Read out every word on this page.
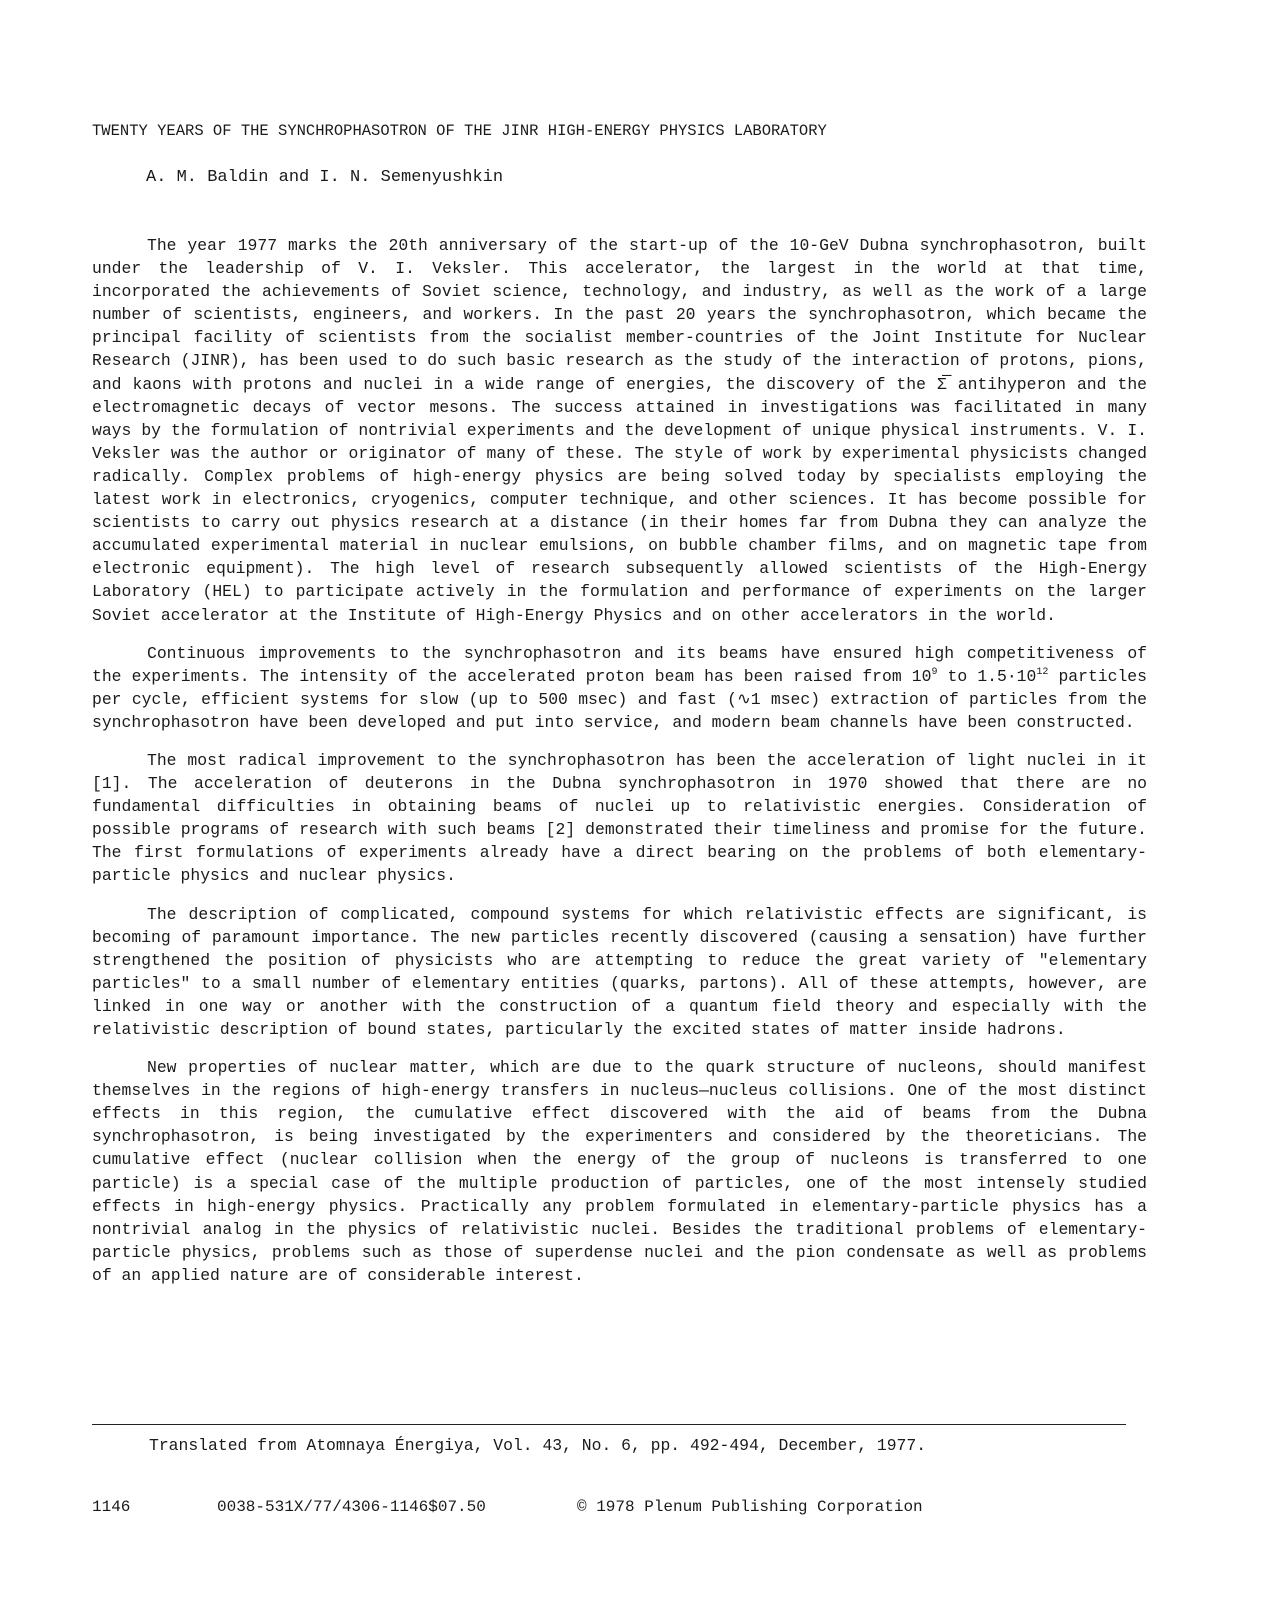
TWENTY YEARS OF THE SYNCHROPHASOTRON OF THE JINR HIGH-ENERGY PHYSICS LABORATORY
A. M. Baldin and I. N. Semenyushkin

The year 1977 marks the 20th anniversary of the start-up of the 10-GeV Dubna synchrophasotron, built under the leadership of V. I. Veksler. This accelerator, the largest in the world at that time, incorporated the achievements of Soviet science, technology, and industry, as well as the work of a large number of scientists, engineers, and workers. In the past 20 years the synchrophasotron, which became the principal facility of scientists from the socialist member-countries of the Joint Institute for Nuclear Research (JINR), has been used to do such basic research as the study of the interaction of protons, pions, and kaons with protons and nuclei in a wide range of energies, the discovery of the Σ̅ antihyperon and the electromagnetic decays of vector mesons. The success attained in investigations was facilitated in many ways by the formulation of nontrivial experiments and the development of unique physical instruments. V. I. Veksler was the author or originator of many of these. The style of work by experimental physicists changed radically. Complex problems of high-energy physics are being solved today by specialists employing the latest work in electronics, cryogenics, computer technique, and other sciences. It has become possible for scientists to carry out physics research at a distance (in their homes far from Dubna they can analyze the accumulated experimental material in nuclear emulsions, on bubble chamber films, and on magnetic tape from electronic equipment). The high level of research subsequently allowed scientists of the High-Energy Laboratory (HEL) to participate actively in the formulation and performance of experiments on the larger Soviet accelerator at the Institute of High-Energy Physics and on other accelerators in the world.

Continuous improvements to the synchrophasotron and its beams have ensured high competitiveness of the experiments. The intensity of the accelerated proton beam has been raised from $10^9$ to $1.5\cdot 10^{12}$ particles per cycle, efficient systems for slow (up to 500 msec) and fast (∿1 msec) extraction of particles from the synchrophasotron have been developed and put into service, and modern beam channels have been constructed.

The most radical improvement to the synchrophasotron has been the acceleration of light nuclei in it [1]. The acceleration of deuterons in the Dubna synchrophasotron in 1970 showed that there are no fundamental difficulties in obtaining beams of nuclei up to relativistic energies. Consideration of possible programs of research with such beams [2] demonstrated their timeliness and promise for the future. The first formulations of experiments already have a direct bearing on the problems of both elementary-particle physics and nuclear physics.

The description of complicated, compound systems for which relativistic effects are significant, is becoming of paramount importance. The new particles recently discovered (causing a sensation) have further strengthened the position of physicists who are attempting to reduce the great variety of "elementary particles" to a small number of elementary entities (quarks, partons). All of these attempts, however, are linked in one way or another with the construction of a quantum field theory and especially with the relativistic description of bound states, particularly the excited states of matter inside hadrons.

New properties of nuclear matter, which are due to the quark structure of nucleons, should manifest themselves in the regions of high-energy transfers in nucleus—nucleus collisions. One of the most distinct effects in this region, the cumulative effect discovered with the aid of beams from the Dubna synchrophasotron, is being investigated by the experimenters and considered by the theoreticians. The cumulative effect (nuclear collision when the energy of the group of nucleons is transferred to one particle) is a special case of the multiple production of particles, one of the most intensely studied effects in high-energy physics. Practically any problem formulated in elementary-particle physics has a nontrivial analog in the physics of relativistic nuclei. Besides the traditional problems of elementary-particle physics, problems such as those of superdense nuclei and the pion condensate as well as problems of an applied nature are of considerable interest.

Translated from Atomnaya Énergiya, Vol. 43, No. 6, pp. 492-494, December, 1977.
1146	0038-531X/77/4306-1146$07.50	© 1978 Plenum Publishing Corporation
